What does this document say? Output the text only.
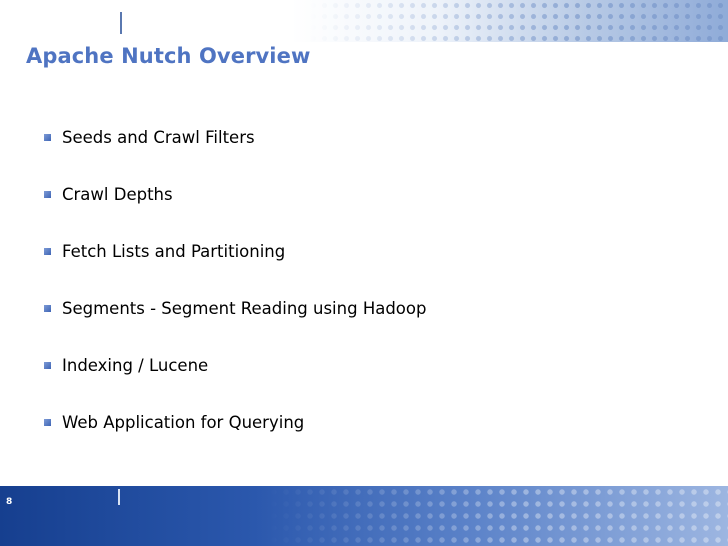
Apache Nutch Overview
Seeds and Crawl Filters
Crawl Depths
Fetch Lists and Partitioning
Segments - Segment Reading using Hadoop
Indexing / Lucene
Web Application for Querying
8
